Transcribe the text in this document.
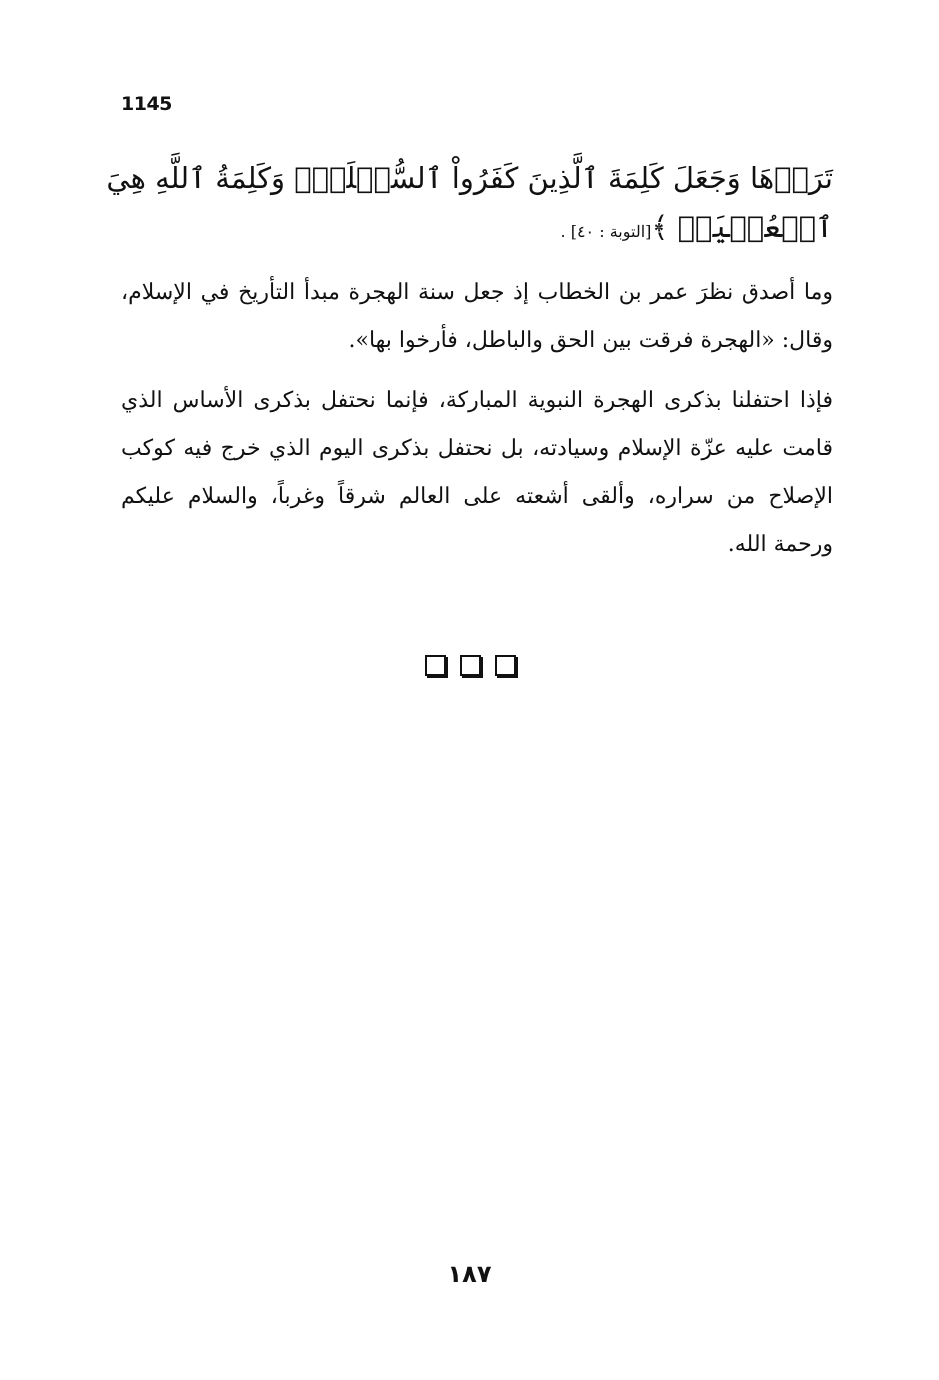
1145
تَرَوۡهَا وَجَعَلَ كَلِمَةَ ٱلَّذِينَ كَفَرُواْ ٱلسُّفۡلَىٰۗ وَكَلِمَةُ ٱللَّهِ هِيَ
ٱلۡعُلۡيَاۗ ﴾[التوبة : ٤٠] .

وما أصدق نظرَ عمر بن الخطاب إذ جعل سنة الهجرة مبدأ التأريخ في الإسلام، وقال: «الهجرة فرقت بين الحق والباطل، فأرخوا بها».

فإذا احتفلنا بذكرى الهجرة النبوية المباركة، فإنما نحتفل بذكرى الأساس الذي قامت عليه عزّة الإسلام وسيادته، بل نحتفل بذكرى اليوم الذي خرج فيه كوكب الإصلاح من سراره، وألقى أشعته على العالم شرقاً وغرباً، والسلام عليكم ورحمة الله.

١٨٧
